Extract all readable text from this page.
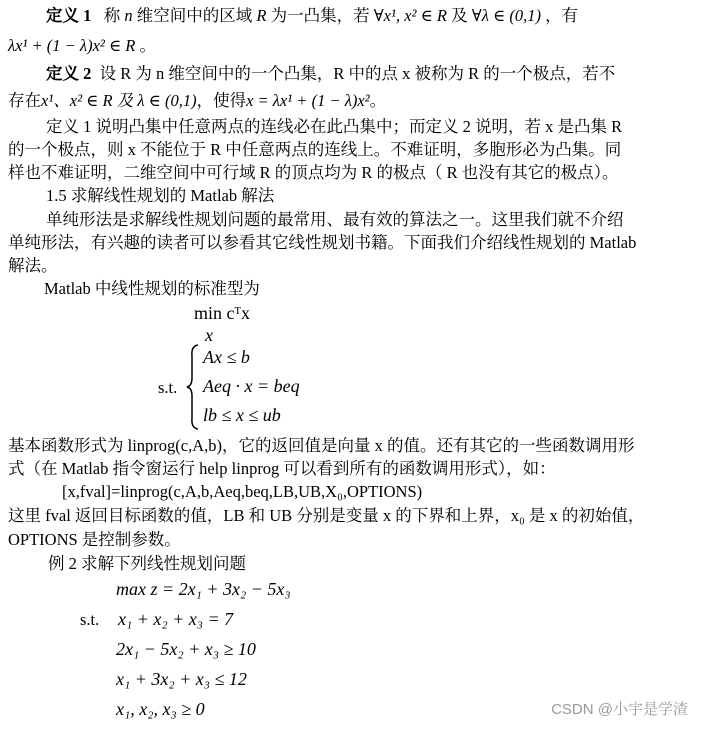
定义 1 称 n 维空间中的区域 R 为一凸集，若 ∀x¹, x² ∈ R 及 ∀λ ∈ (0,1) ，有
λx¹ + (1 − λ)x² ∈ R 。
定义 2 设 R 为 n 维空间中的一个凸集，R 中的点 x 被称为 R 的一个极点，若不
存在x¹、x² ∈ R 及 λ ∈ (0,1)，使得x = λx¹ + (1 − λ)x²。
定义 1 说明凸集中任意两点的连线必在此凸集中；而定义 2 说明，若 x 是凸集 R
的一个极点，则 x 不能位于 R 中任意两点的连线上。不难证明，多胞形必为凸集。同
样也不难证明，二维空间中可行域 R 的顶点均为 R 的极点（ R 也没有其它的极点）。
1.5 求解线性规划的 Matlab 解法
单纯形法是求解线性规划问题的最常用、最有效的算法之一。这里我们就不介绍
单纯形法，有兴趣的读者可以参看其它线性规划书籍。下面我们介绍线性规划的 Matlab
解法。
Matlab 中线性规划的标准型为
min cᵀx
x
s.t.
Ax ≤ b
Aeq · x = beq
lb ≤ x ≤ ub
基本函数形式为 linprog(c,A,b)，它的返回值是向量 x 的值。还有其它的一些函数调用形
式（在 Matlab 指令窗运行 help linprog 可以看到所有的函数调用形式），如：
[x,fval]=linprog(c,A,b,Aeq,beq,LB,UB,X₀,OPTIONS)
这里 fval 返回目标函数的值，LB 和 UB 分别是变量 x 的下界和上界，x₀ 是 x 的初始值，
OPTIONS 是控制参数。
例 2 求解下列线性规划问题
max z = 2x₁ + 3x₂ − 5x₃
s.t. x₁ + x₂ + x₃ = 7
2x₁ − 5x₂ + x₃ ≥ 10
x₁ + 3x₂ + x₃ ≤ 12
x₁, x₂, x₃ ≥ 0	CSDN @小宇是学渣
